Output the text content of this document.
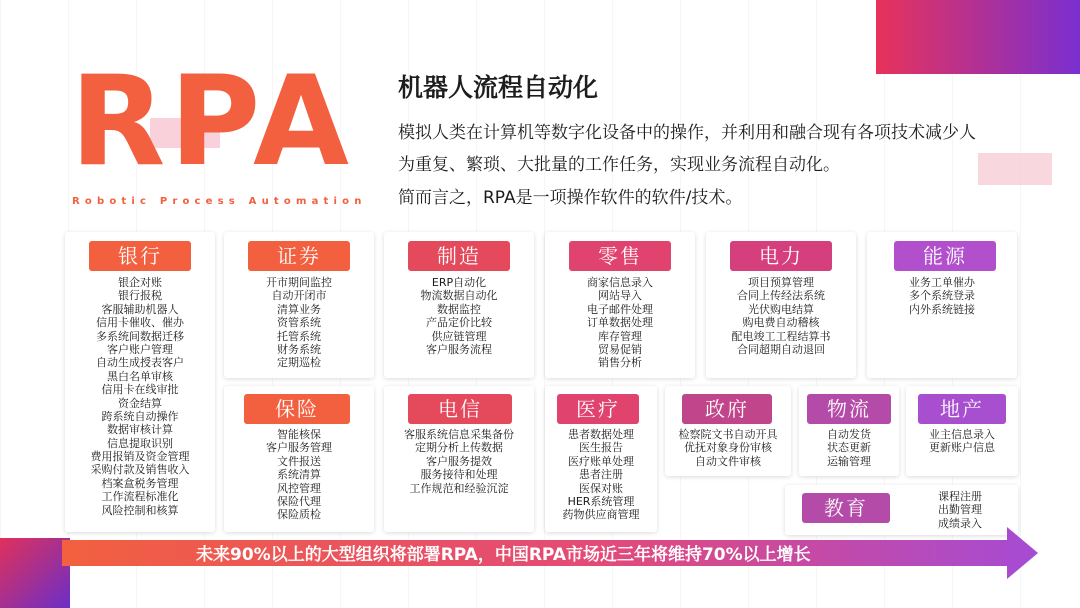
RPA
Robotic Process Automation
机器人流程自动化
模拟人类在计算机等数字化设备中的操作，并利用和融合现有各项技术减少人
为重复、繁琐、大批量的工作任务，实现业务流程自动化。
简而言之，RPA是一项操作软件的软件/技术。
银行
银企对账
银行报税
客服辅助机器人
信用卡催收、催办
多系统间数据迁移
客户账户管理
自动生成授表客户
黑白名单审核
信用卡在线审批
资金结算
跨系统自动操作
数据审核计算
信息提取识别
费用报销及资金管理
采购付款及销售收入
档案盒税务管理
工作流程标准化
风险控制和核算
证券
开市期间监控
自动开闭市
清算业务
资管系统
托管系统
财务系统
定期巡检
制造
ERP自动化
物流数据自动化
数据监控
产品定价比较
供应链管理
客户服务流程
零售
商家信息录入
网站导入
电子邮件处理
订单数据处理
库存管理
贸易促销
销售分析
电力
项目预算管理
合同上传经法系统
光伏购电结算
购电费自动稽核
配电竣工工程结算书
合同超期自动退回
能源
业务工单催办
多个系统登录
内外系统链接
保险
智能核保
客户服务管理
文件报送
系统清算
风控管理
保险代理
保险质检
电信
客服系统信息采集备份
定期分析上传数据
客户服务提效
服务接待和处理
工作规范和经验沉淀
医疗
患者数据处理
医生报告
医疗账单处理
患者注册
医保对账
HER系统管理
药物供应商管理
政府
检察院文书自动开具
优抚对象身份审核
自动文件审核
物流
自动发货
状态更新
运输管理
地产
业主信息录入
更新账户信息
教育	课程注册
出勤管理
成绩录入
未来90%以上的大型组织将部署RPA，中国RPA市场近三年将维持70%以上增长
